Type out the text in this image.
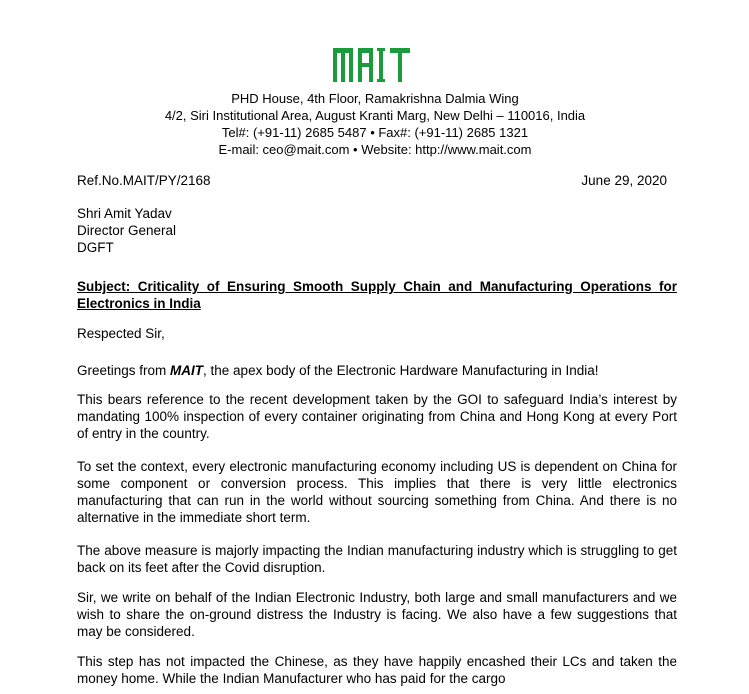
MAIT
PHD House, 4th Floor, Ramakrishna Dalmia Wing
4/2, Siri Institutional Area, August Kranti Marg, New Delhi – 110016, India
Tel#: (+91-11) 2685 5487 • Fax#: (+91-11) 2685 1321
E-mail: ceo@mait.com • Website: http://www.mait.com
Ref.No.MAIT/PY/2168	June 29, 2020
Shri Amit Yadav
Director General
DGFT
Subject: Criticality of Ensuring Smooth Supply Chain and Manufacturing Operations for Electronics in India
Respected Sir,
Greetings from MAIT, the apex body of the Electronic Hardware Manufacturing in India!
This bears reference to the recent development taken by the GOI to safeguard India’s interest by mandating 100% inspection of every container originating from China and Hong Kong at every Port of entry in the country.
To set the context, every electronic manufacturing economy including US is dependent on China for some component or conversion process. This implies that there is very little electronics manufacturing that can run in the world without sourcing something from China. And there is no alternative in the immediate short term.
The above measure is majorly impacting the Indian manufacturing industry which is struggling to get back on its feet after the Covid disruption.
Sir, we write on behalf of the Indian Electronic Industry, both large and small manufacturers and we wish to share the on-ground distress the Industry is facing. We also have a few suggestions that may be considered.
This step has not impacted the Chinese, as they have happily encashed their LCs and taken the money home. While the Indian Manufacturer who has paid for the cargo
